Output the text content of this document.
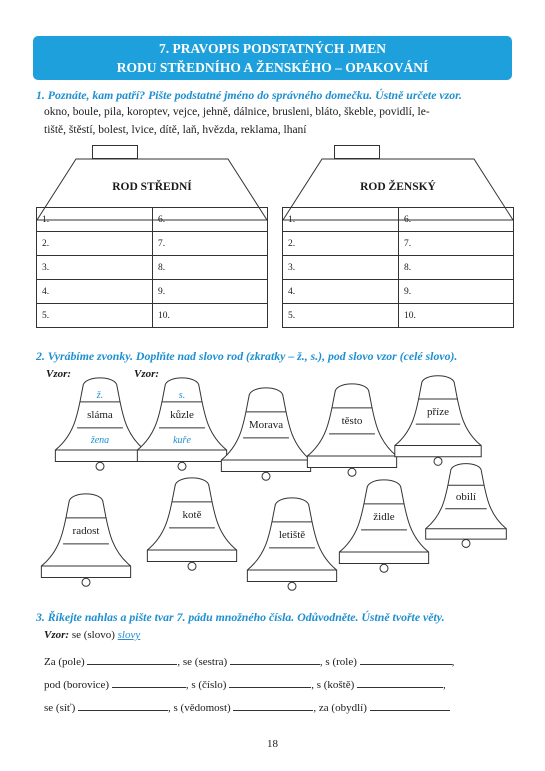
7. PRAVOPIS PODSTATNÝCH JMEN
RODU STŘEDNÍHO A ŽENSKÉHO – OPAKOVÁNÍ
1. Poznáte, kam patří? Pište podstatné jméno do správného domečku. Ústně určete vzor.
okno, boule, pila, koroptev, vejce, jehně, dálnice, brusleni, bláto, škeble, povidlí, le-
tiště, štěstí, bolest, lvice, dítě, laň, hvězda, reklama, lhaní
ROD STŘEDNÍ
1.	6.
2.	7.
3.	8.
4.	9.
5.	10.
ROD ŽENSKÝ
1.	6.
2.	7.
3.	8.
4.	9.
5.	10.
2. Vyrábíme zvonky. Doplňte nad slovo rod (zkratky – ž., s.), pod slovo vzor (celé slovo).
Vzor:	Vzor:
sláma
ž.
žena
kůzle
s.
kuře
Morava	těsto
příze
radost
kotě
letiště
židle
obilí
3. Říkejte nahlas a pište tvar 7. pádu množného čísla. Odůvodněte. Ústně tvořte věty.
Vzor: se (slovo) slovy
Za (pole)	, se (sestra)	, s (role)	,
pod (borovice)	, s (číslo)	, s (koště)	,
se (síť)	, s (vědomost)	, za (obydlí)
18
